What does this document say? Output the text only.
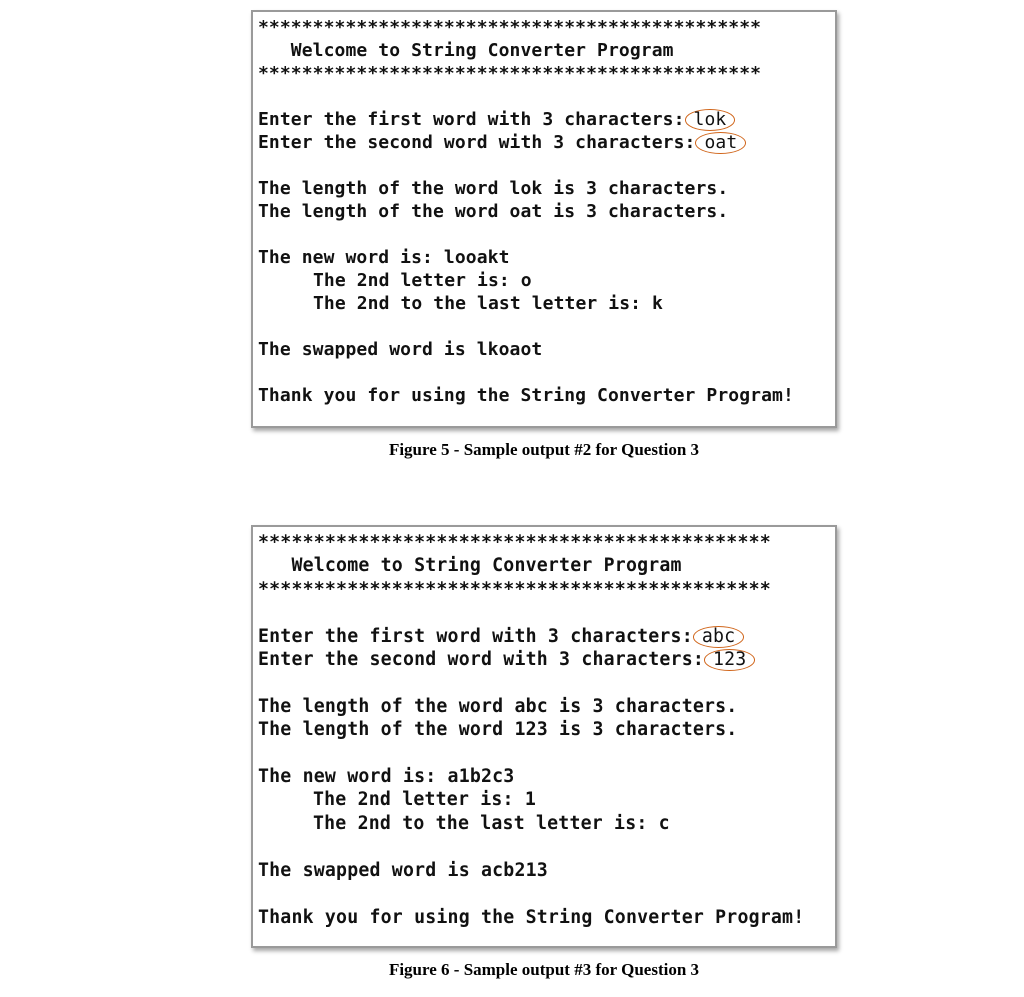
**********************************************
Welcome to String Converter Program
**********************************************

Enter the first word with 3 characters: lok
Enter the second word with 3 characters: oat

The length of the word lok is 3 characters.
The length of the word oat is 3 characters.

The new word is: looakt
The 2nd letter is: o
The 2nd to the last letter is: k

The swapped word is lkoaot

Thank you for using the String Converter Program!
Figure 5 - Sample output #2 for Question 3
**********************************************
Welcome to String Converter Program
**********************************************

Enter the first word with 3 characters: abc
Enter the second word with 3 characters: 123

The length of the word abc is 3 characters.
The length of the word 123 is 3 characters.

The new word is: a1b2c3
The 2nd letter is: 1
The 2nd to the last letter is: c

The swapped word is acb213

Thank you for using the String Converter Program!
Figure 6 - Sample output #3 for Question 3
